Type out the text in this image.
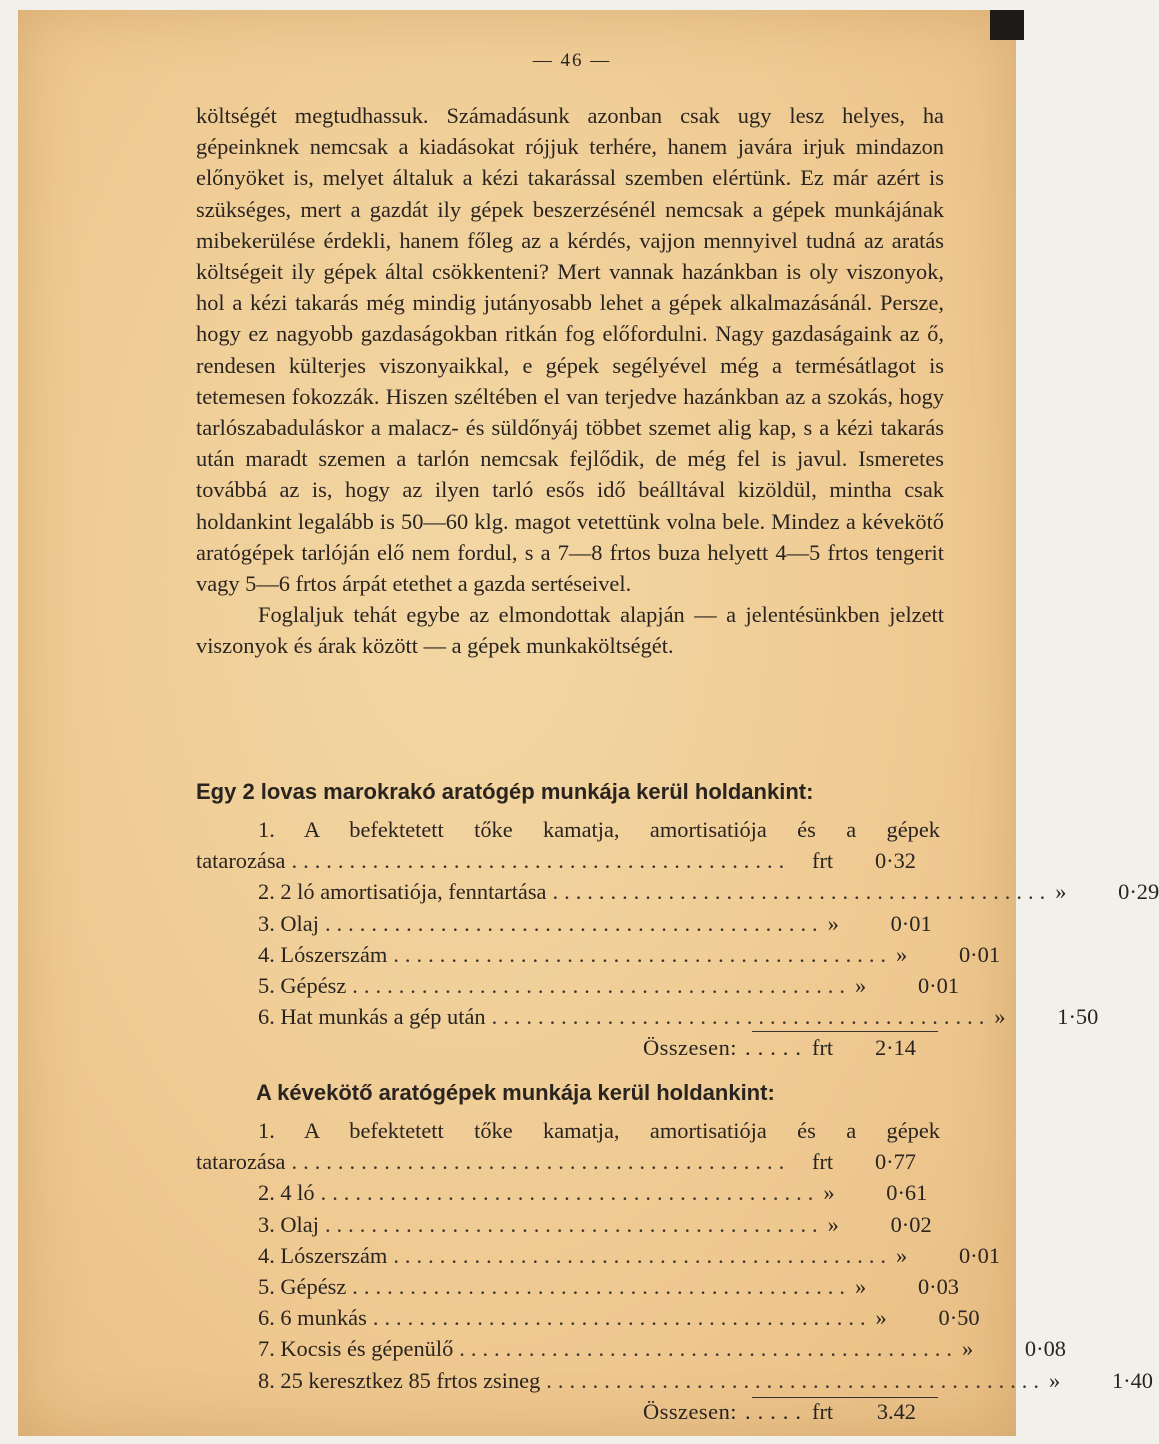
— 46 —

költségét megtudhassuk. Számadásunk azonban csak ugy lesz helyes, ha gépeinknek nemcsak a kiadásokat rójjuk terhére, hanem javára irjuk mindazon előnyöket is, melyet általuk a kézi takarással szemben elértünk. Ez már azért is szükséges, mert a gazdát ily gépek beszerzésénél nemcsak a gépek munkájának mibekerülése érdekli, hanem főleg az a kérdés, vajjon mennyivel tudná az aratás költségeit ily gépek által csökkenteni? Mert vannak hazánkban is oly viszonyok, hol a kézi takarás még mindig jutányosabb lehet a gépek alkalmazásánál. Persze, hogy ez nagyobb gazdaságokban ritkán fog előfordulni. Nagy gazdaságaink az ő, rendesen külterjes viszonyaikkal, e gépek segélyével még a termésátlagot is tetemesen fokozzák. Hiszen széltében el van terjedve hazánkban az a szokás, hogy tarlószabaduláskor a malacz- és süldőnyáj többet szemet alig kap, s a kézi takarás után maradt szemen a tarlón nemcsak fejlődik, de még fel is javul. Ismeretes továbbá az is, hogy az ilyen tarló esős idő beálltával kizöldül, mintha csak holdankint legalább is 50—60 klg. magot vetettünk volna bele. Mindez a kévekötő aratógépek tarlóján elő nem fordul, s a 7—8 frtos buza helyett 4—5 frtos tengerit vagy 5—6 frtos árpát etethet a gazda sertéseivel.

Foglaljuk tehát egybe az elmondottak alapján — a jelentésünkben jelzett viszonyok és árak között — a gépek munkaköltségét.

Egy 2 lovas marokrakó aratógép munkája kerül holdankint:
1. A befektetett tőke kamatja, amortisatiója és a gépek
tatarozása ........................................... frt	0·32
2. 2 ló amortisatiója, fenntartása ........................................... »	0·29
3. Olaj ........................................... »	0·01
4. Lószerszám ........................................... »	0·01
5. Gépész ........................................... »	0·01
6. Hat munkás a gép után ........................................... »	1·50
Összesen: ..... frt	2·14
A kévekötő aratógépek munkája kerül holdankint:
1. A befektetett tőke kamatja, amortisatiója és a gépek
tatarozása ........................................... frt	0·77
2. 4 ló ........................................... »	0·61
3. Olaj ........................................... »	0·02
4. Lószerszám ........................................... »	0·01
5. Gépész ........................................... »	0·03
6. 6 munkás ........................................... »	0·50
7. Kocsis és gépenülő ........................................... »	0·08
8. 25 keresztkez 85 frtos zsineg ........................................... »	1·40
Összesen: ..... frt	3.42
